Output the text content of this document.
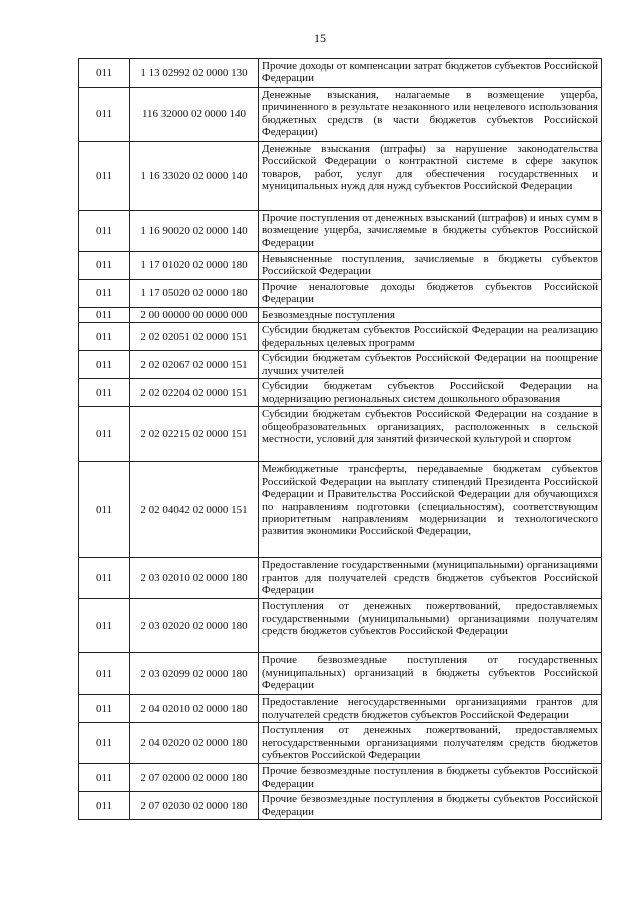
15
011	1 13 02992 02 0000 130	Прочие доходы от компенсации затрат бюджетов субъектов Российской Федерации
011	116 32000 02 0000 140	Денежные взыскания, налагаемые в возмещение ущерба, причиненного в результате незаконного или нецелевого использования бюджетных средств (в части бюджетов субъектов Российской Федерации)
011	1 16 33020 02 0000 140	Денежные взыскания (штрафы) за нарушение законодательства Российской Федерации о контрактной системе в сфере закупок товаров, работ, услуг для обеспечения государственных и муниципальных нужд для нужд субъектов Российской Федерации
011	1 16 90020 02 0000 140	Прочие поступления от денежных взысканий (штрафов) и иных сумм в возмещение ущерба, зачисляемые в бюджеты субъектов Российской Федерации
011	1 17 01020 02 0000 180	Невыясненные поступления, зачисляемые в бюджеты субъектов Российской Федерации
011	1 17 05020 02 0000 180	Прочие неналоговые доходы бюджетов субъектов Российской Федерации
011	2 00 00000 00 0000 000	Безвозмездные поступления
011	2 02 02051 02 0000 151	Субсидии бюджетам субъектов Российской Федерации на реализацию федеральных целевых программ
011	2 02 02067 02 0000 151	Субсидии бюджетам субъектов Российской Федерации на поощрение лучших учителей
011	2 02 02204 02 0000 151	Субсидии бюджетам субъектов Российской Федерации на модернизацию региональных систем дошкольного образования
011	2 02 02215 02 0000 151	Субсидии бюджетам субъектов Российской Федерации на создание в общеобразовательных организациях, расположенных в сельской местности, условий для занятий физической культурой и спортом
011	2 02 04042 02 0000 151	Межбюджетные трансферты, передаваемые бюджетам субъектов Российской Федерации на выплату стипендий Президента Российской Федерации и Правительства Российской Федерации для обучающихся по направлениям подготовки (специальностям), соответствующим приоритетным направлениям модернизации и технологического развития экономики Российской Федерации,
011	2 03 02010 02 0000 180	Предоставление государственными (муниципальными) организациями грантов для получателей средств бюджетов субъектов Российской Федерации
011	2 03 02020 02 0000 180	Поступления от денежных пожертвований, предоставляемых государственными (муниципальными) организациями получателям средств бюджетов субъектов Российской Федерации
011	2 03 02099 02 0000 180	Прочие безвозмездные поступления от государственных (муниципальных) организаций в бюджеты субъектов Российской Федерации
011	2 04 02010 02 0000 180	Предоставление негосударственными организациями грантов для получателей средств бюджетов субъектов Российской Федерации
011	2 04 02020 02 0000 180	Поступления от денежных пожертвований, предоставляемых негосударственными организациями получателям средств бюджетов субъектов Российской Федерации
011	2 07 02000 02 0000 180	Прочие безвозмездные поступления в бюджеты субъектов Российской Федерации
011	2 07 02030 02 0000 180	Прочие безвозмездные поступления в бюджеты субъектов Российской Федерации
